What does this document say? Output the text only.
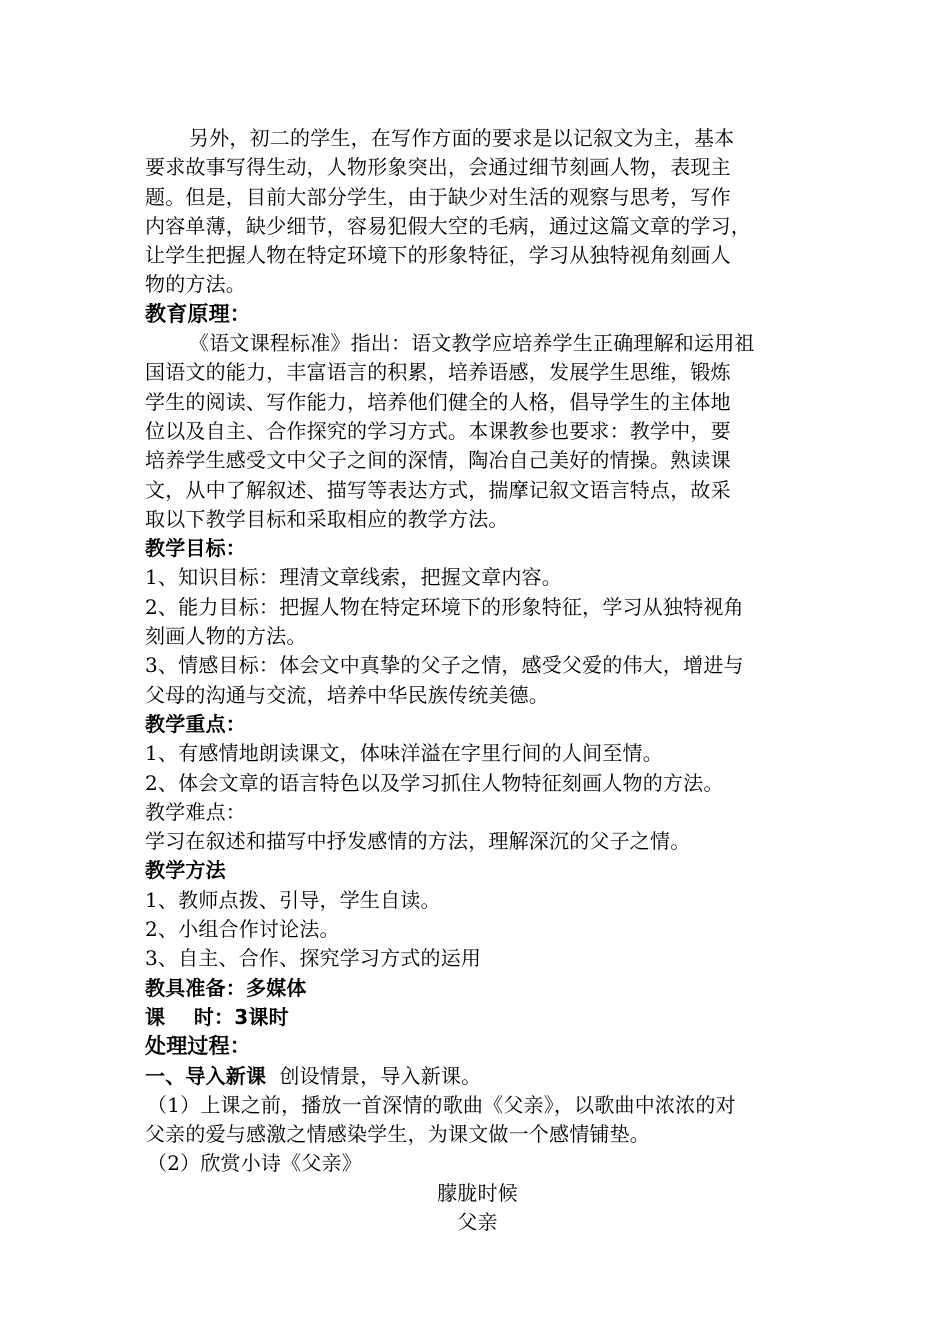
另外，初二的学生，在写作方面的要求是以记叙文为主，基本
要求故事写得生动，人物形象突出，会通过细节刻画人物，表现主
题。但是，目前大部分学生，由于缺少对生活的观察与思考，写作
内容单薄，缺少细节，容易犯假大空的毛病，通过这篇文章的学习，
让学生把握人物在特定环境下的形象特征，学习从独特视角刻画人
物的方法。
教育原理：
《语文课程标准》指出：语文教学应培养学生正确理解和运用祖
国语文的能力，丰富语言的积累，培养语感，发展学生思维，锻炼
学生的阅读、写作能力，培养他们健全的人格，倡导学生的主体地
位以及自主、合作探究的学习方式。本课教参也要求：教学中，要
培养学生感受文中父子之间的深情，陶冶自己美好的情操。熟读课
文，从中了解叙述、描写等表达方式，揣摩记叙文语言特点，故采
取以下教学目标和采取相应的教学方法。
教学目标：
1、知识目标：理清文章线索，把握文章内容。
2、能力目标：把握人物在特定环境下的形象特征，学习从独特视角
刻画人物的方法。
3、情感目标：体会文中真挚的父子之情，感受父爱的伟大，增进与
父母的沟通与交流，培养中华民族传统美德。
教学重点：
1、有感情地朗读课文，体味洋溢在字里行间的人间至情。
2、体会文章的语言特色以及学习抓住人物特征刻画人物的方法。
教学难点：
学习在叙述和描写中抒发感情的方法，理解深沉的父子之情。
教学方法
1、教师点拨、引导，学生自读。
2、小组合作讨论法。
3、自主、合作、探究学习方式的运用
教具准备：多媒体
课    时：3课时
处理过程：
一、导入新课  创设情景，导入新课。
（1）上课之前，播放一首深情的歌曲《父亲》，以歌曲中浓浓的对
父亲的爱与感激之情感染学生，为课文做一个感情铺垫。
（2）欣赏小诗《父亲》
朦胧时候
父亲
